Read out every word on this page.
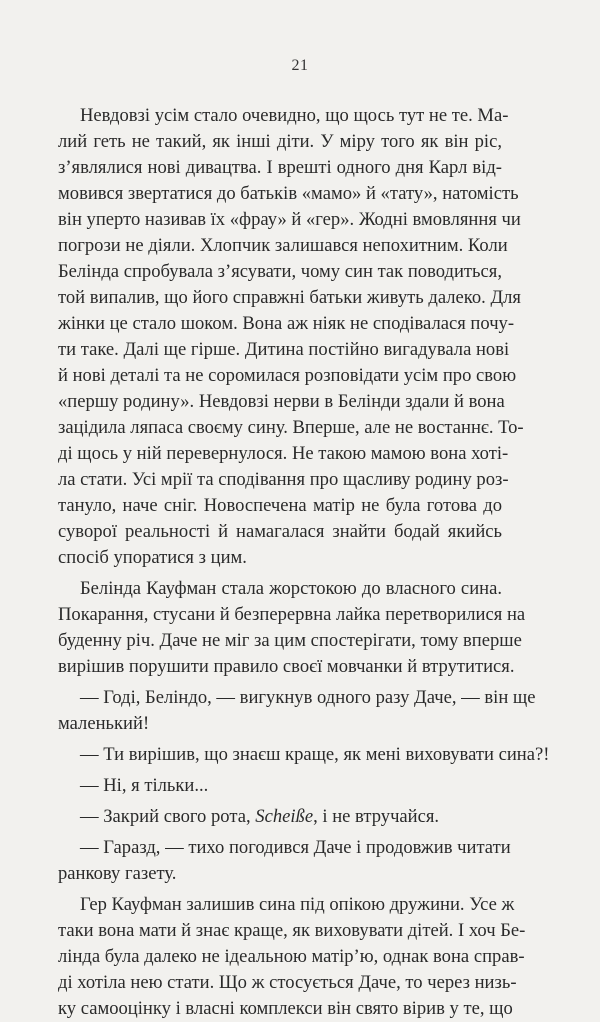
21
Невдовзі усім стало очевидно, що щось тут не те. Ма-
лий геть не такий, як інші діти. У міру того як він ріс,
з’являлися нові дивацтва. І врешті одного дня Карл від-
мовився звертатися до батьків «мамо» й «тату», натомість
він уперто називав їх «фрау» й «гер». Жодні вмовляння чи
погрози не діяли. Хлопчик залишався непохитним. Коли
Белінда спробувала з’ясувати, чому син так поводиться,
той випалив, що його справжні батьки живуть далеко. Для
жінки це стало шоком. Вона аж ніяк не сподівалася почу-
ти таке. Далі ще гірше. Дитина постійно вигадувала нові
й нові деталі та не соромилася розповідати усім про свою
«першу родину». Невдовзі нерви в Белінди здали й вона
зацідила ляпаса своєму сину. Вперше, але не востаннє. То-
ді щось у ній перевернулося. Не такою мамою вона хоті-
ла стати. Усі мрії та сподівання про щасливу родину роз-
тануло, наче сніг. Новоспечена матір не була готова до
суворої реальності й намагалася знайти бодай якийсь
спосіб упоратися з цим.
Белінда Кауфман стала жорстокою до власного сина.
Покарання, стусани й безперервна лайка перетворилися на
буденну річ. Даче не міг за цим спостерігати, тому вперше
вирішив порушити правило своєї мовчанки й втрутитися.
— Годі, Беліндо, — вигукнув одного разу Даче, — він ще
маленький!
— Ти вирішив, що знаєш краще, як мені виховувати сина?!
— Ні, я тільки...
— Закрий свого рота, Scheiße, і не втручайся.
— Гаразд, — тихо погодився Даче і продовжив читати
ранкову газету.
Гер Кауфман залишив сина під опікою дружини. Усе ж
таки вона мати й знає краще, як виховувати дітей. І хоч Бе-
лінда була далеко не ідеальною матір’ю, однак вона справ-
ді хотіла нею стати. Що ж стосується Даче, то через низь-
ку самооцінку і власні комплекси він свято вірив у те, що
